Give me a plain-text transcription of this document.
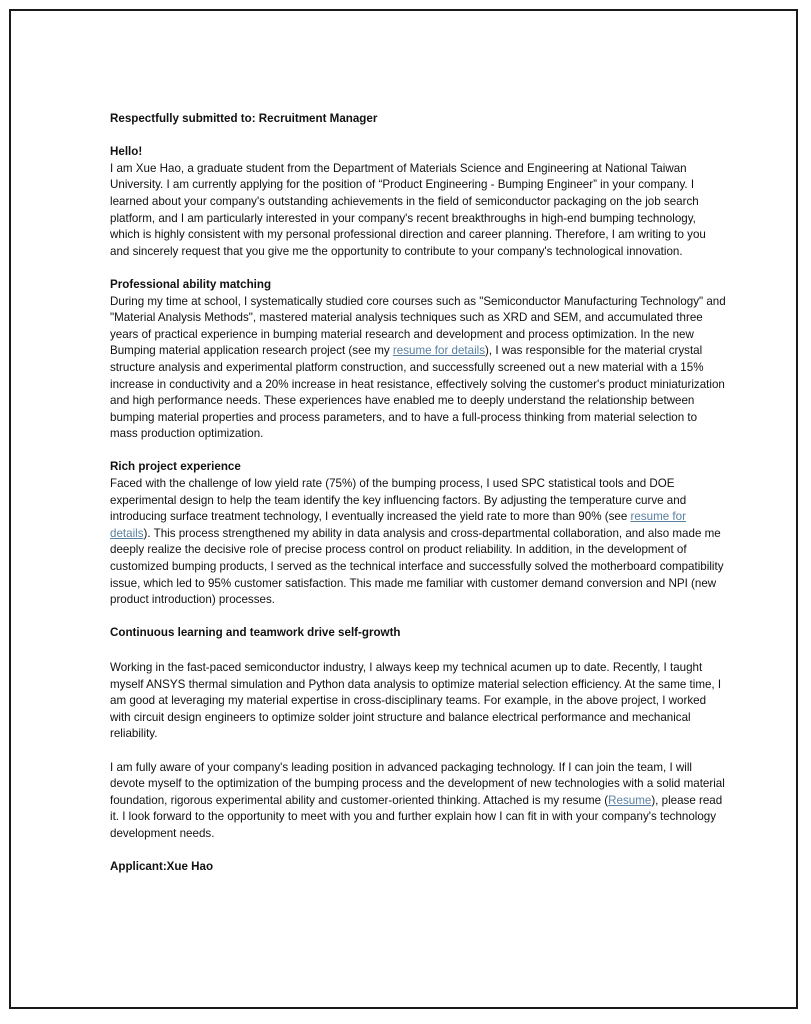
Respectfully submitted to: Recruitment Manager

Hello!

I am Xue Hao, a graduate student from the Department of Materials Science and Engineering at National Taiwan University. I am currently applying for the position of “Product Engineering - Bumping Engineer” in your company. I learned about your company's outstanding achievements in the field of semiconductor packaging on the job search platform, and I am particularly interested in your company's recent breakthroughs in high-end bumping technology, which is highly consistent with my personal professional direction and career planning. Therefore, I am writing to you and sincerely request that you give me the opportunity to contribute to your company's technological innovation.

Professional ability matching

During my time at school, I systematically studied core courses such as "Semiconductor Manufacturing Technology" and "Material Analysis Methods", mastered material analysis techniques such as XRD and SEM, and accumulated three years of practical experience in bumping material research and development and process optimization. In the new Bumping material application research project (see my resume for details), I was responsible for the material crystal structure analysis and experimental platform construction, and successfully screened out a new material with a 15% increase in conductivity and a 20% increase in heat resistance, effectively solving the customer's product miniaturization and high performance needs. These experiences have enabled me to deeply understand the relationship between bumping material properties and process parameters, and to have a full-process thinking from material selection to mass production optimization.

Rich project experience

Faced with the challenge of low yield rate (75%) of the bumping process, I used SPC statistical tools and DOE experimental design to help the team identify the key influencing factors. By adjusting the temperature curve and introducing surface treatment technology, I eventually increased the yield rate to more than 90% (see resume for details). This process strengthened my ability in data analysis and cross-departmental collaboration, and also made me deeply realize the decisive role of precise process control on product reliability. In addition, in the development of customized bumping products, I served as the technical interface and successfully solved the motherboard compatibility issue, which led to 95% customer satisfaction. This made me familiar with customer demand conversion and NPI (new product introduction) processes.

Continuous learning and teamwork drive self-growth

Working in the fast-paced semiconductor industry, I always keep my technical acumen up to date. Recently, I taught myself ANSYS thermal simulation and Python data analysis to optimize material selection efficiency. At the same time, I am good at leveraging my material expertise in cross-disciplinary teams. For example, in the above project, I worked with circuit design engineers to optimize solder joint structure and balance electrical performance and mechanical reliability.

I am fully aware of your company's leading position in advanced packaging technology. If I can join the team, I will devote myself to the optimization of the bumping process and the development of new technologies with a solid material foundation, rigorous experimental ability and customer-oriented thinking. Attached is my resume (Resume), please read it. I look forward to the opportunity to meet with you and further explain how I can fit in with your company's technology development needs.

Applicant:Xue Hao
